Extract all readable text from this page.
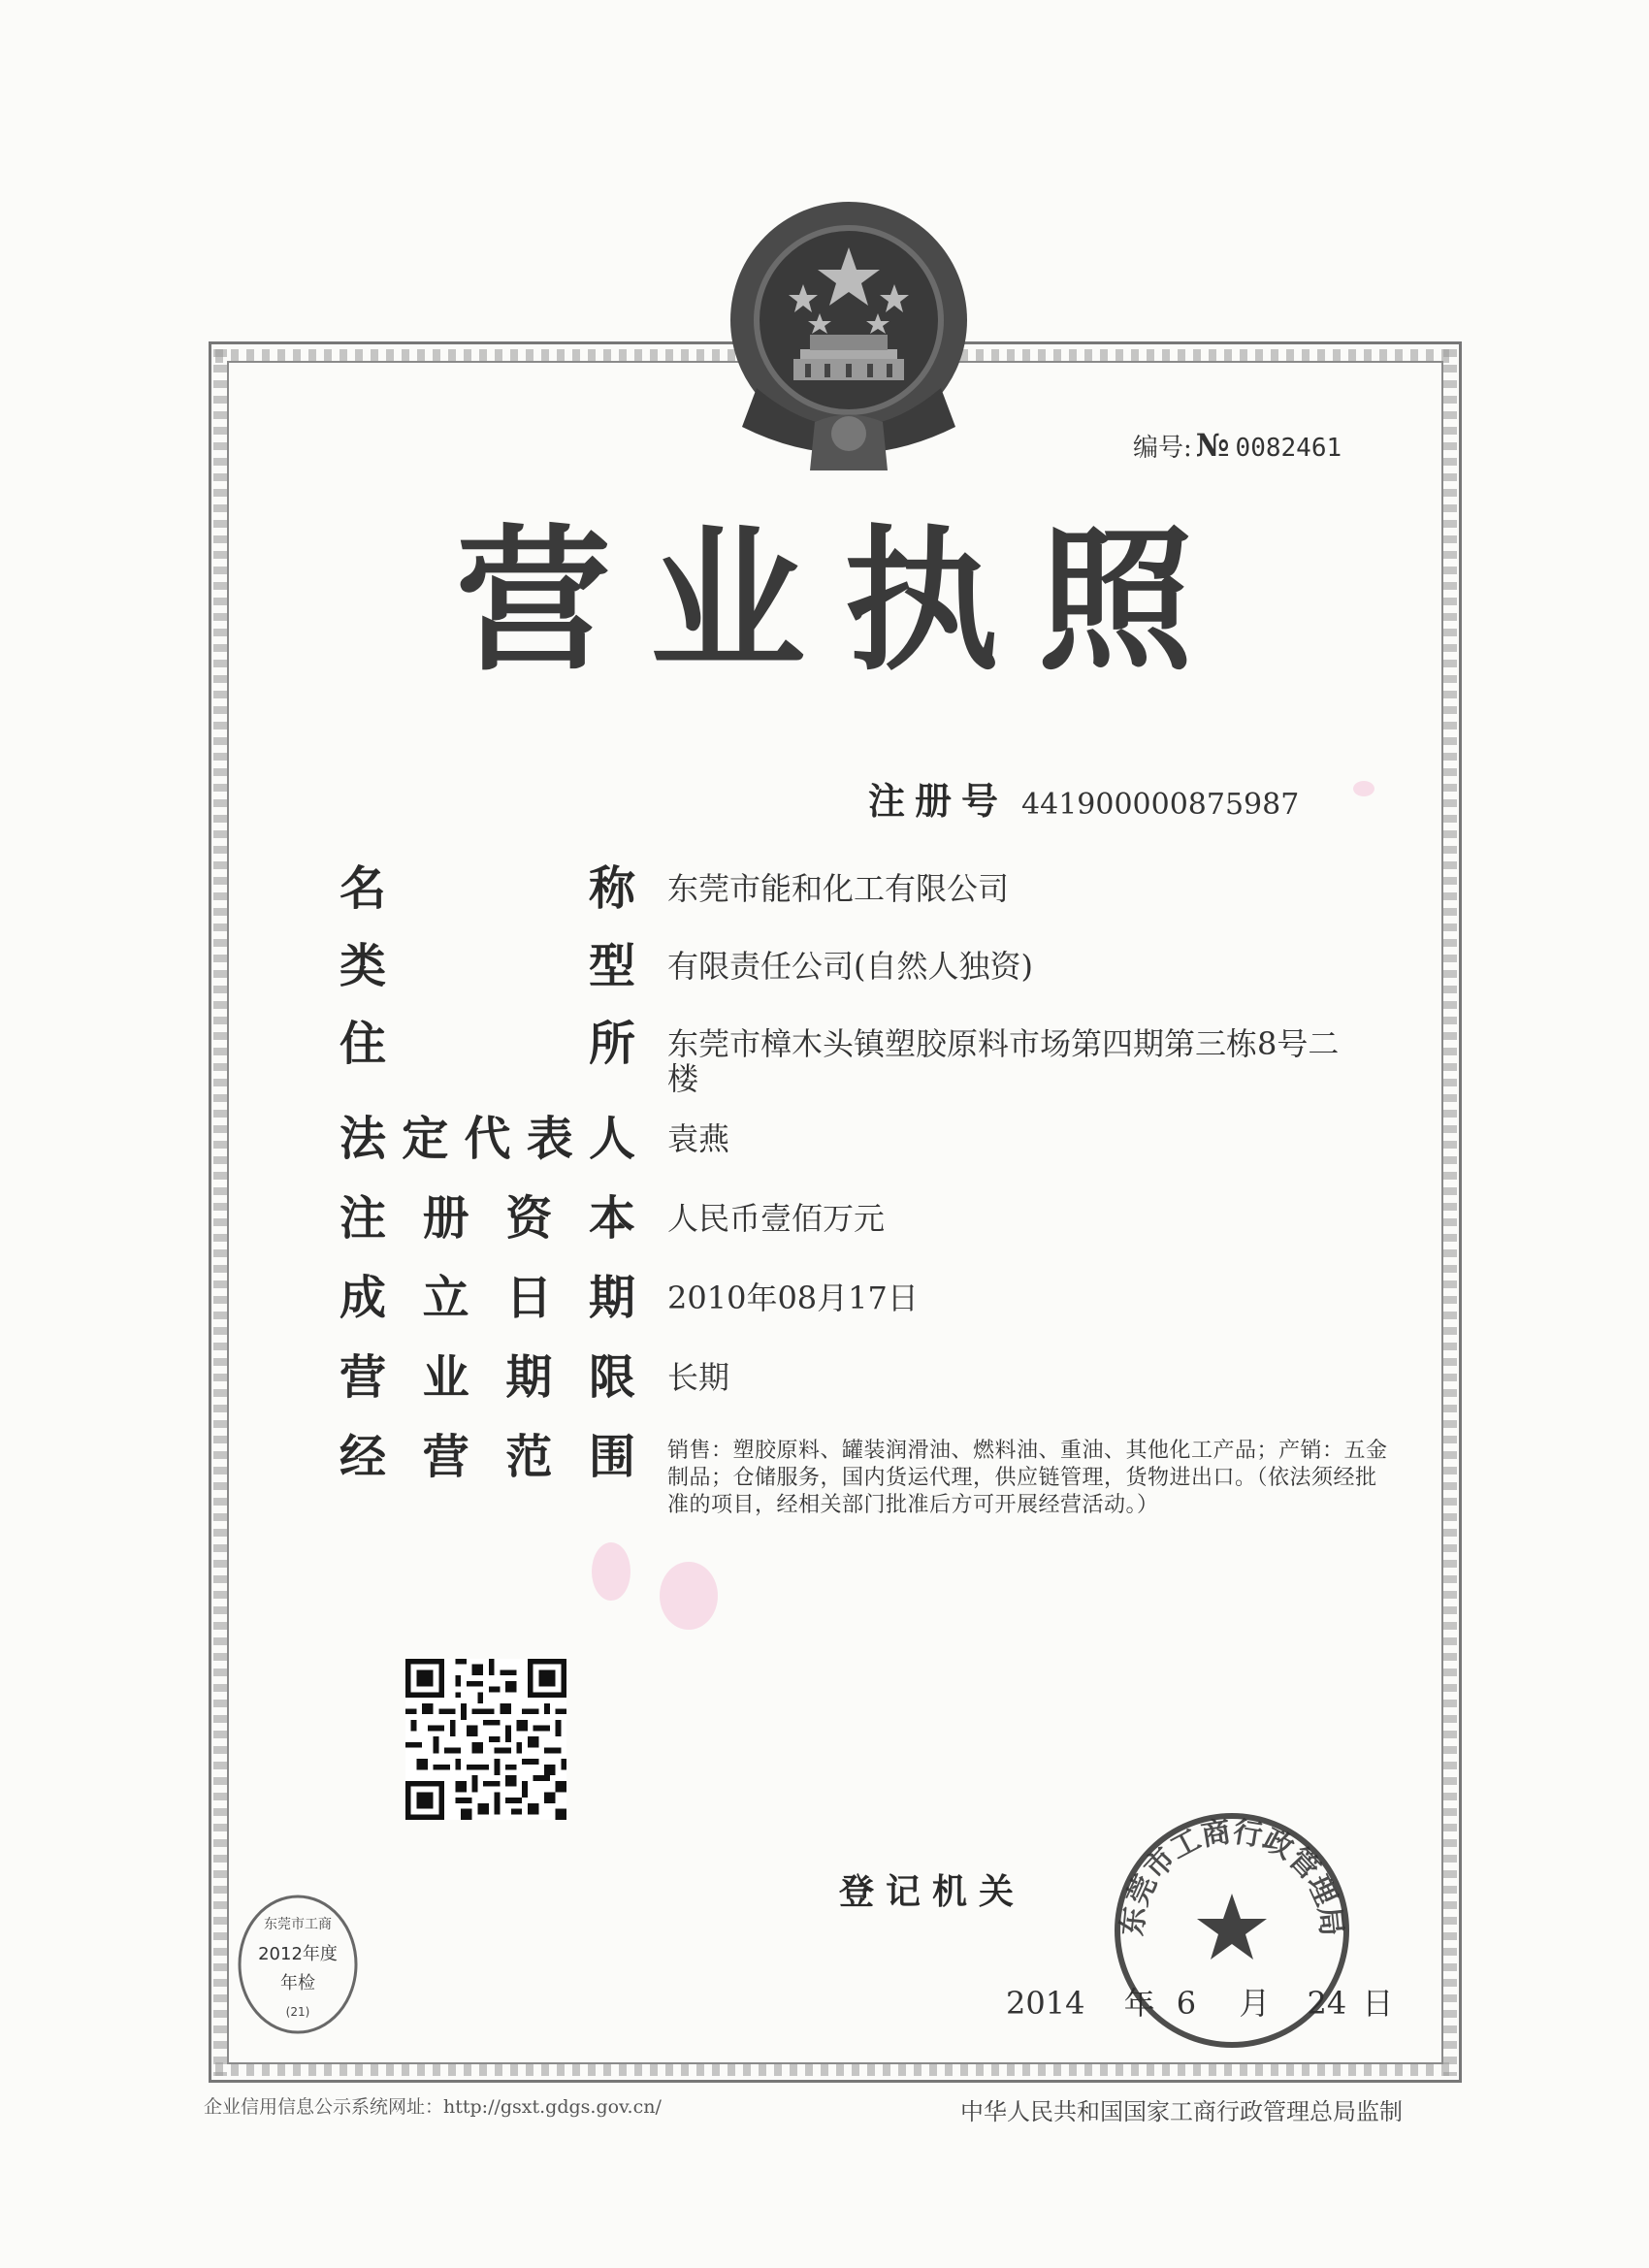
编号: № 0082461
营业执照
注册号 441900000875987
名	称 东莞市能和化工有限公司
类	型 有限责任公司(自然人独资)
住	所 东莞市樟木头镇塑胶原料市场第四期第三栋8号二楼
法 定 代 表 人 袁燕
注 册 资 本 人民币壹佰万元
成 立 日 期 2010年08月17日
营 业 期 限 长期
经 营 范 围 销售：塑胶原料、罐装润滑油、燃料油、重油、其他化工产品；产销：五金制品；仓储服务，国内货运代理，供应链管理，货物进出口。（依法须经批准的项目，经相关部门批准后方可开展经营活动。）
登记机关
2014 年 6 月 24 日
东莞市工商行政管理局
东莞市工商
2012年度
年检
(21)
企业信用信息公示系统网址：http://gsxt.gdgs.gov.cn/	中华人民共和国国家工商行政管理总局监制
